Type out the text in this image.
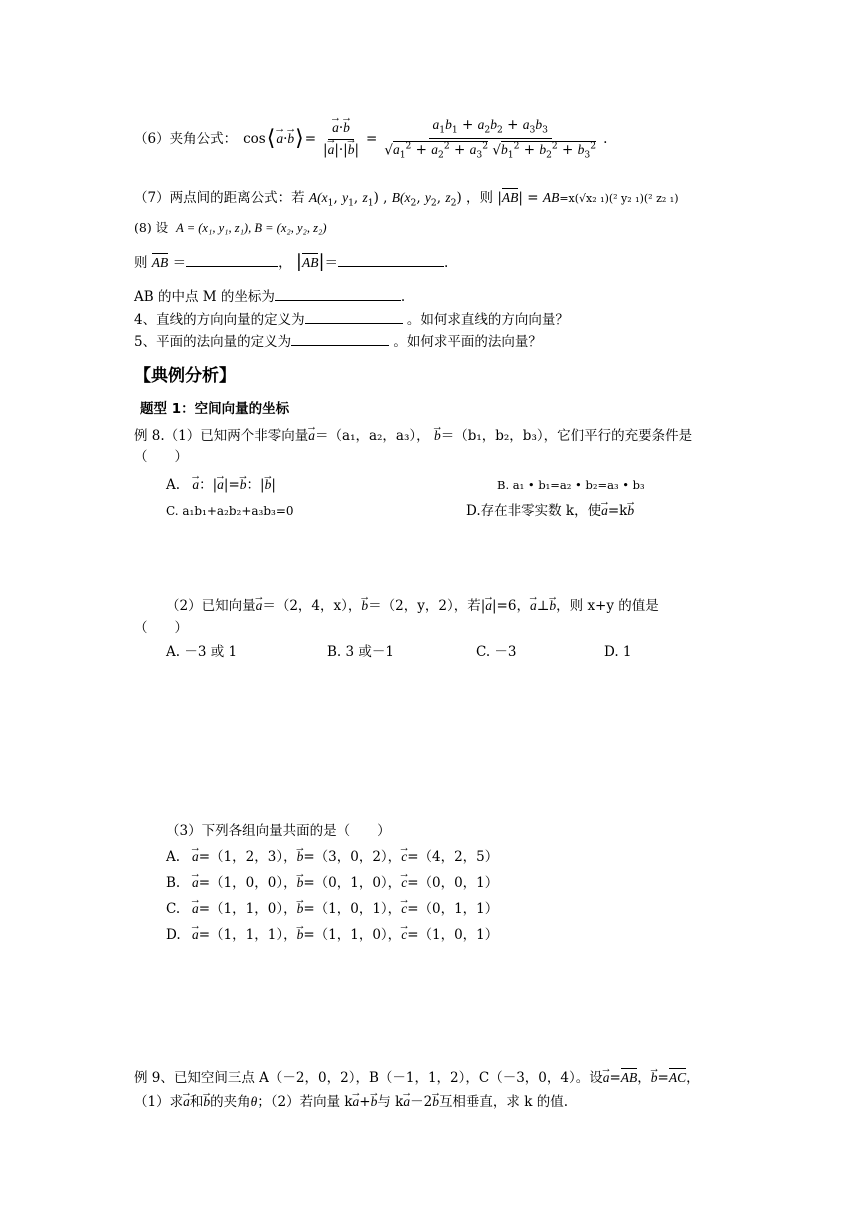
（6）夹角公式： cos ⟨ → a · → b ⟩ = → $\frac{a\cdot\to b}{|\to a|\cdot|\to b|} = \frac{a_1b_1 + a_2b_2 + a_3b_3}{√a_1^2 + a_2^2 + a_3^2 √b_1^2 + b_2^2 + b_3^2}$ .
（7）两点间的距离公式：若 $A(x_1$, $y_1$, $z_1$) , $B(x_2$, $y_2$, $z_2$) ，则 |AB| = AB=x(√x₂ ₁)(² y₂ ₁)(² z₂ ₁)
(8) 设 A = (x₁, y₁, z₁), B = (x₂, y₂, z₂)
则 AB ＝	， |AB|＝	.
AB 的中点 M 的坐标为	.
4、直线的方向向量的定义为	。如何求直线的方向向量？
5、平面的法向量的定义为	。如何求平面的法向量？
【典例分析】
题型 1：空间向量的坐标
例 8.（1）已知两个非零向量→ a＝（a₁，a₂，a₃）， → b＝（b₁，b₂，b₃），它们平行的充要条件是
（　　）
A. → a：|→ a|=→ b：|→ b|	B. a₁ • b₁=a₂ • b₂=a₃ • b₃
C. a₁b₁+a₂b₂+a₃b₃=0	D.存在非零实数 k，使→ a=k→ b
（2）已知向量→ a＝（2，4，x），→ b＝（2，y，2），若|→ a|=6，→ a⊥→ b，则 x+y 的值是
（　　）
A. －3 或 1	B. 3 或－1	C. －3	D. 1
（3）下列各组向量共面的是（　　）
A. → a=（1，2，3），→ b=（3，0，2），→ c=（4，2，5）
B. → a=（1，0，0），→ b=（0，1，0），→ c=（0，0，1）
C. → a=（1，1，0），→ b=（1，0，1），→ c=（0，1，1）
D. → a=（1，1，1），→ b=（1，1，0），→ c=（1，0，1）
例 9、已知空间三点 A（－2，0，2），B（－1，1，2），C（－3，0，4）。设→ a=AB，→ b=AC，
（1）求→ a和→ b的夹角θ；（2）若向量 k→ a+→ b与 k→ a－2→ b互相垂直，求 k 的值.
